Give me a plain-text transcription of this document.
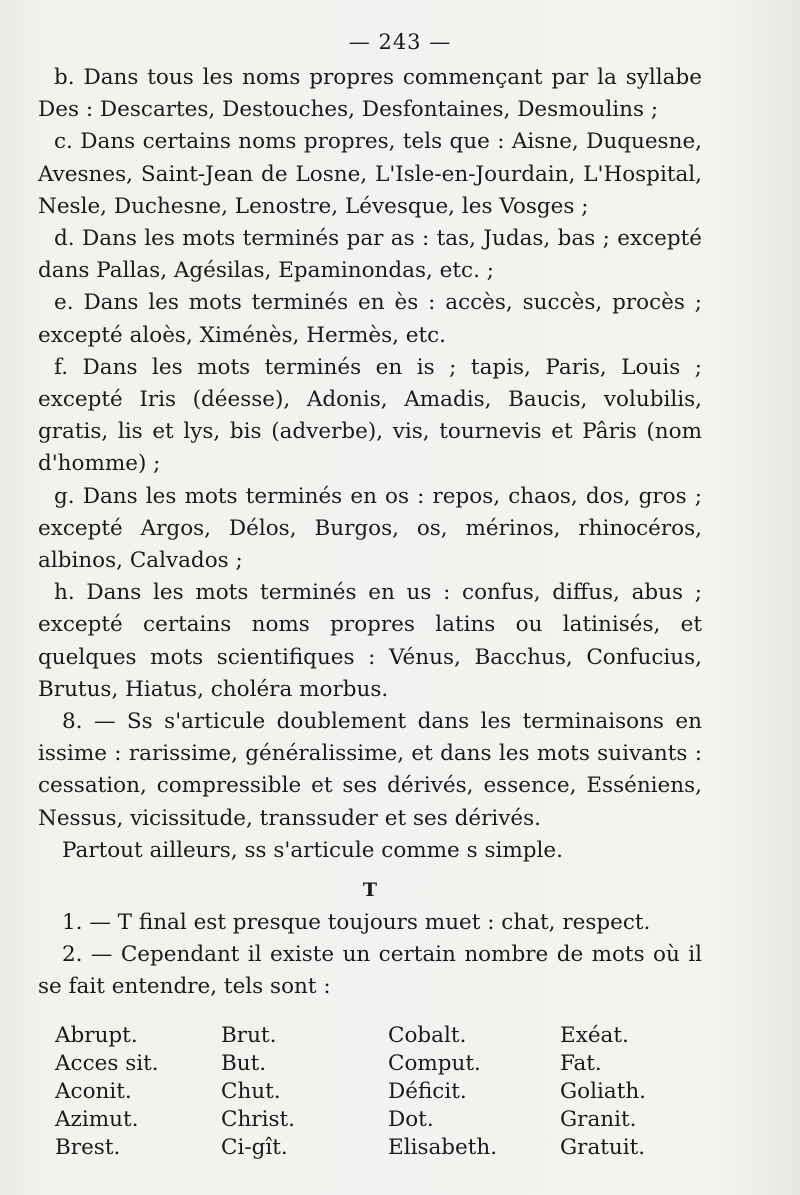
— 243 —

b. Dans tous les noms propres commençant par la syllabe Des : Descartes, Destouches, Desfontaines, Desmoulins ;

c. Dans certains noms propres, tels que : Aisne, Duquesne, Avesnes, Saint-Jean de Losne, L'Isle-en-Jourdain, L'Hospital, Nesle, Duchesne, Lenostre, Lévesque, les Vosges ;

d. Dans les mots terminés par as : tas, Judas, bas ; excepté dans Pallas, Agésilas, Epaminondas, etc. ;

e. Dans les mots terminés en ès : accès, succès, procès ; excepté aloès, Ximénès, Hermès, etc.

f. Dans les mots terminés en is ; tapis, Paris, Louis ; excepté Iris (déesse), Adonis, Amadis, Baucis, volubilis, gratis, lis et lys, bis (adverbe), vis, tournevis et Pâris (nom d'homme) ;

g. Dans les mots terminés en os : repos, chaos, dos, gros ; excepté Argos, Délos, Burgos, os, mérinos, rhinocéros, albinos, Calvados ;

h. Dans les mots terminés en us : confus, diffus, abus ; excepté certains noms propres latins ou latinisés, et quelques mots scientifiques : Vénus, Bacchus, Confucius, Brutus, Hiatus, choléra morbus.

8. — Ss s'articule doublement dans les terminaisons en issime : rarissime, généralissime, et dans les mots suivants : cessation, compressible et ses dérivés, essence, Esséniens, Nessus, vicissitude, transsuder et ses dérivés.

Partout ailleurs, ss s'articule comme s simple.

T

1. — T final est presque toujours muet : chat, respect.

2. — Cependant il existe un certain nombre de mots où il se fait entendre, tels sont :

Abrupt.
Acces sit.
Aconit.
Azimut.
Brest.
Brut.
But.
Chut.
Christ.
Ci-gît.
Cobalt.
Comput.
Déficit.
Dot.
Elisabeth.
Exéat.
Fat.
Goliath.
Granit.
Gratuit.
